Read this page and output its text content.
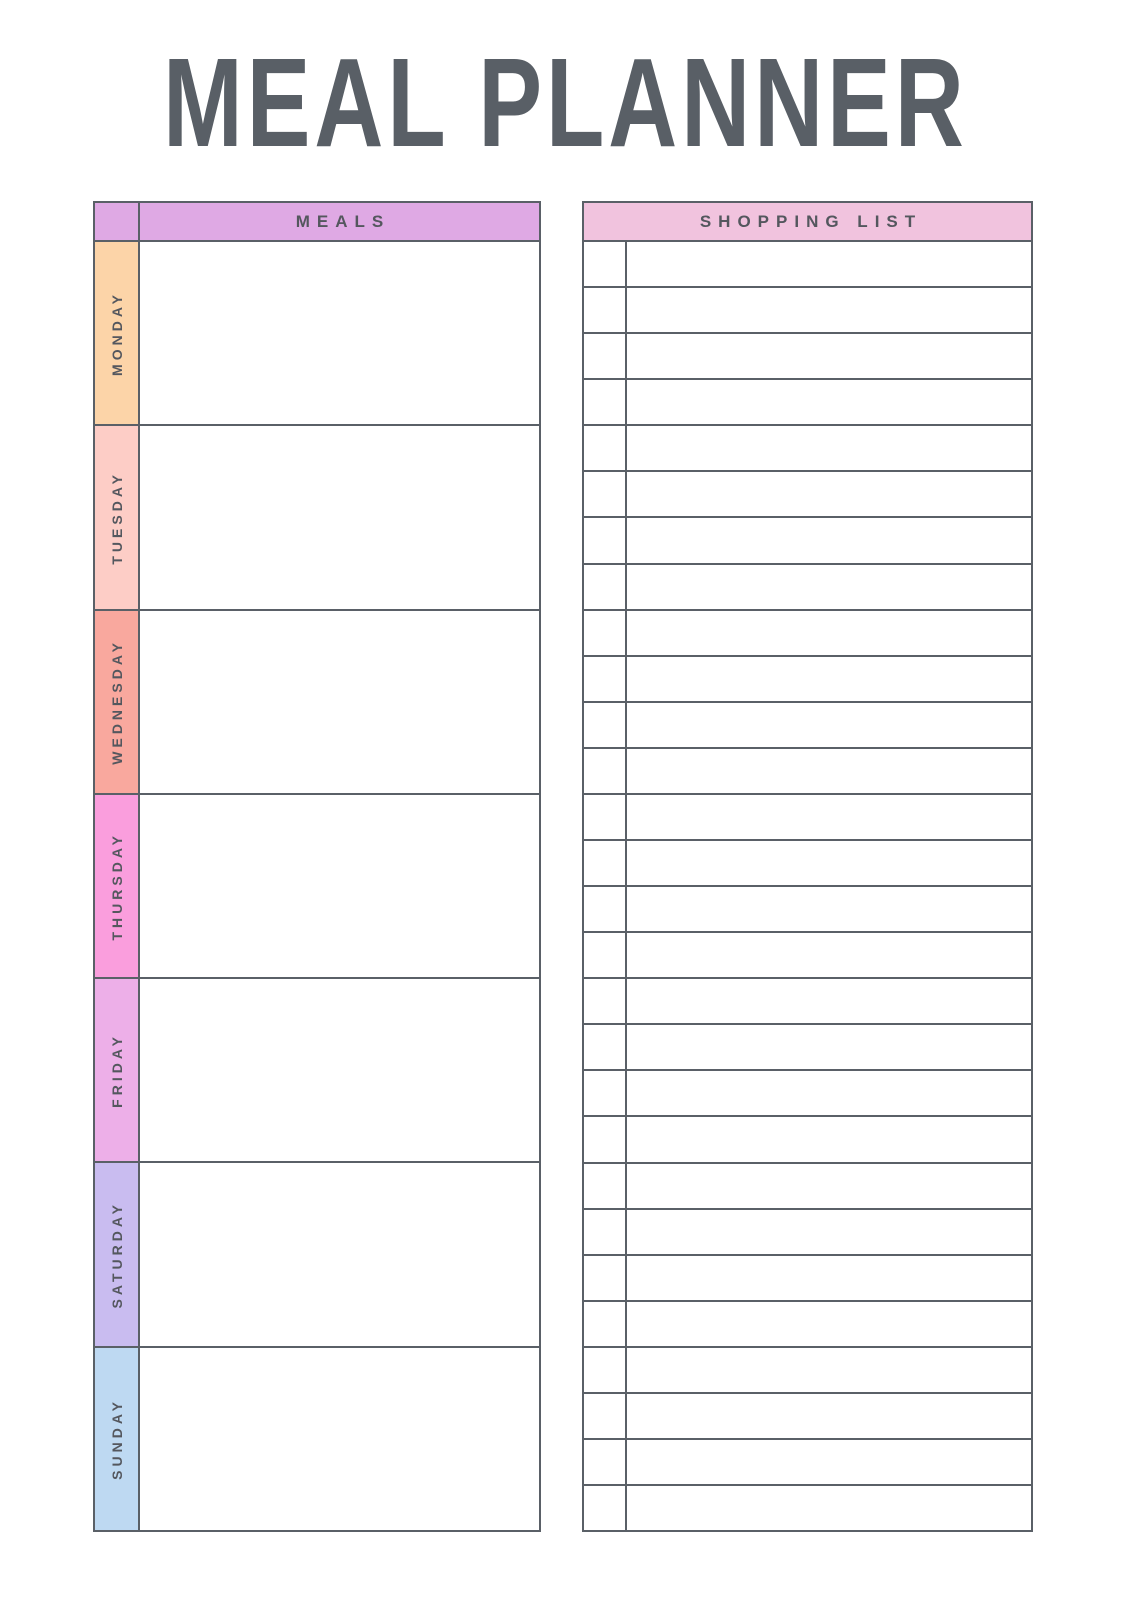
MEAL PLANNER
MEALS
MONDAY
TUESDAY
WEDNESDAY
THURSDAY
FRIDAY
SATURDAY
SUNDAY
SHOPPING LIST
